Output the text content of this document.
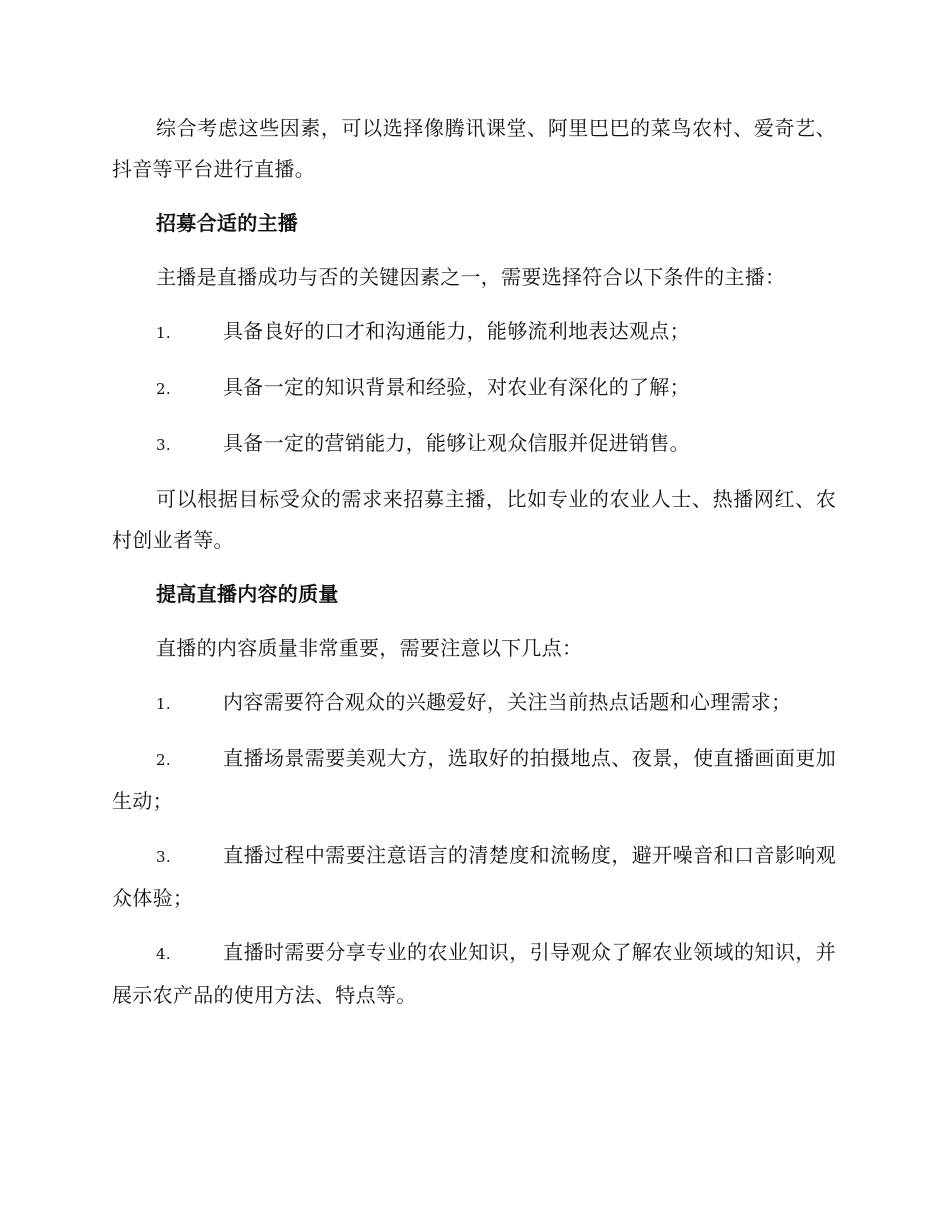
综合考虑这些因素，可以选择像腾讯课堂、阿里巴巴的菜鸟农村、爱奇艺、抖音等平台进行直播。

招募合适的主播

主播是直播成功与否的关键因素之一，需要选择符合以下条件的主播：

1.	具备良好的口才和沟通能力，能够流利地表达观点；

2.	具备一定的知识背景和经验，对农业有深化的了解；

3.	具备一定的营销能力，能够让观众信服并促进销售。

可以根据目标受众的需求来招募主播，比如专业的农业人士、热播网红、农村创业者等。

提高直播内容的质量

直播的内容质量非常重要，需要注意以下几点：

1.	内容需要符合观众的兴趣爱好，关注当前热点话题和心理需求；

2.	直播场景需要美观大方，选取好的拍摄地点、夜景，使直播画面更加生动；

3.	直播过程中需要注意语言的清楚度和流畅度，避开噪音和口音影响观众体验；

4.	直播时需要分享专业的农业知识，引导观众了解农业领域的知识，并展示农产品的使用方法、特点等。
